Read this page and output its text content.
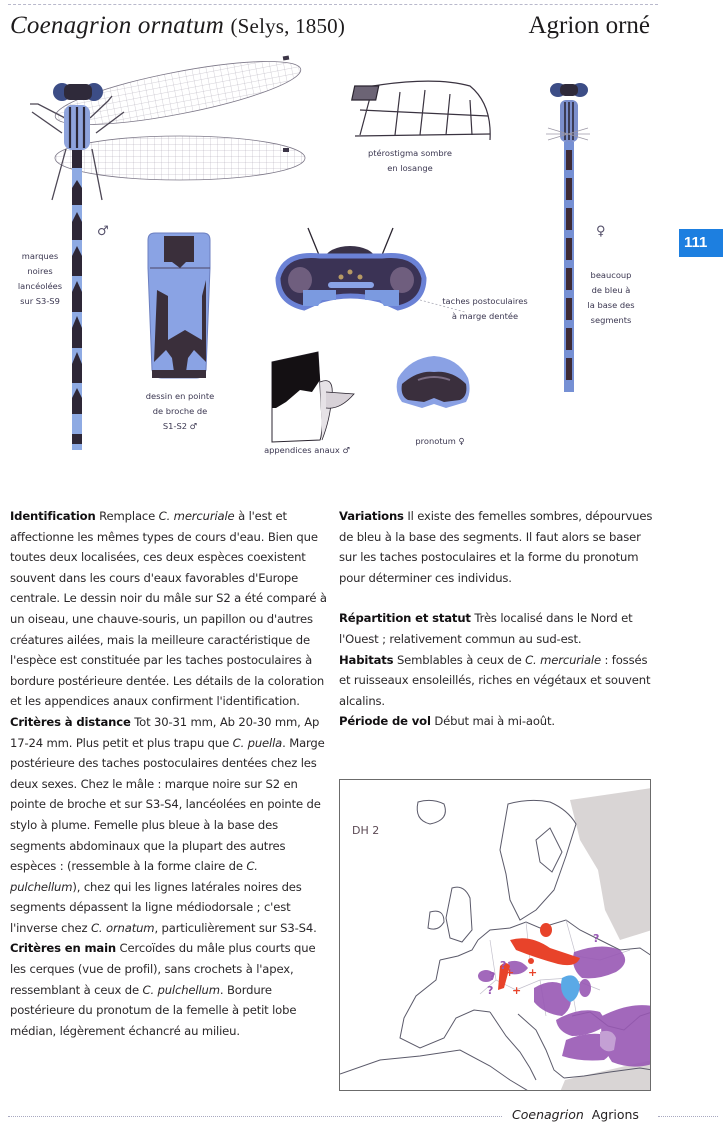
Coenagrion ornatum (Selys, 1850)	Agrion orné
111
marques
noires
lancéolées
sur S3-S9
♂
ptérostigma sombre
en losange
taches postoculaires
à marge dentée
♀
beaucoup
de bleu à
la base des
segments
dessin en pointe
de broche de
S1-S2 ♂
appendices anaux ♂
pronotum ♀

Identification Remplace C. mercuriale à l'est et affectionne les mêmes types de cours d'eau. Bien que toutes deux localisées, ces deux espèces coexistent souvent dans les cours d'eaux favorables d'Europe centrale. Le dessin noir du mâle sur S2 a été comparé à un oiseau, une chauve-souris, un papillon ou d'autres créatures ailées, mais la meilleure caractéristique de l'espèce est constituée par les taches postoculaires à bordure postérieure dentée. Les détails de la coloration et les appendices anaux confirment l'identification.

Critères à distance Tot 30-31 mm, Ab 20-30 mm, Ap 17-24 mm. Plus petit et plus trapu que C. puella. Marge postérieure des taches postoculaires dentées chez les deux sexes. Chez le mâle : marque noire sur S2 en pointe de broche et sur S3-S4, lancéolées en pointe de stylo à plume. Femelle plus bleue à la base des segments abdominaux que la plupart des autres espèces : (ressemble à la forme claire de C. pulchellum), chez qui les lignes latérales noires des segments dépassent la ligne médiodorsale ; c'est l'inverse chez C. ornatum, particulièrement sur S3-S4.

Critères en main Cercoïdes du mâle plus courts que les cerques (vue de profil), sans crochets à l'apex, ressemblant à ceux de C. pulchellum. Bordure postérieure du pronotum de la femelle à petit lobe médian, légèrement échancré au milieu.

Variations Il existe des femelles sombres, dépourvues de bleu à la base des segments. Il faut alors se baser sur les taches postoculaires et la forme du pronotum pour déterminer ces individus.

Répartition et statut Très localisé dans le Nord et l'Ouest ; relativement commun au sud-est.

Habitats Semblables à ceux de C. mercuriale : fossés et ruisseaux ensoleillés, riches en végétaux et souvent alcalins.

Période de vol Début mai à mi-août.

?
?
?
?
+ +
+
DH 2
Coenagrion Agrions
